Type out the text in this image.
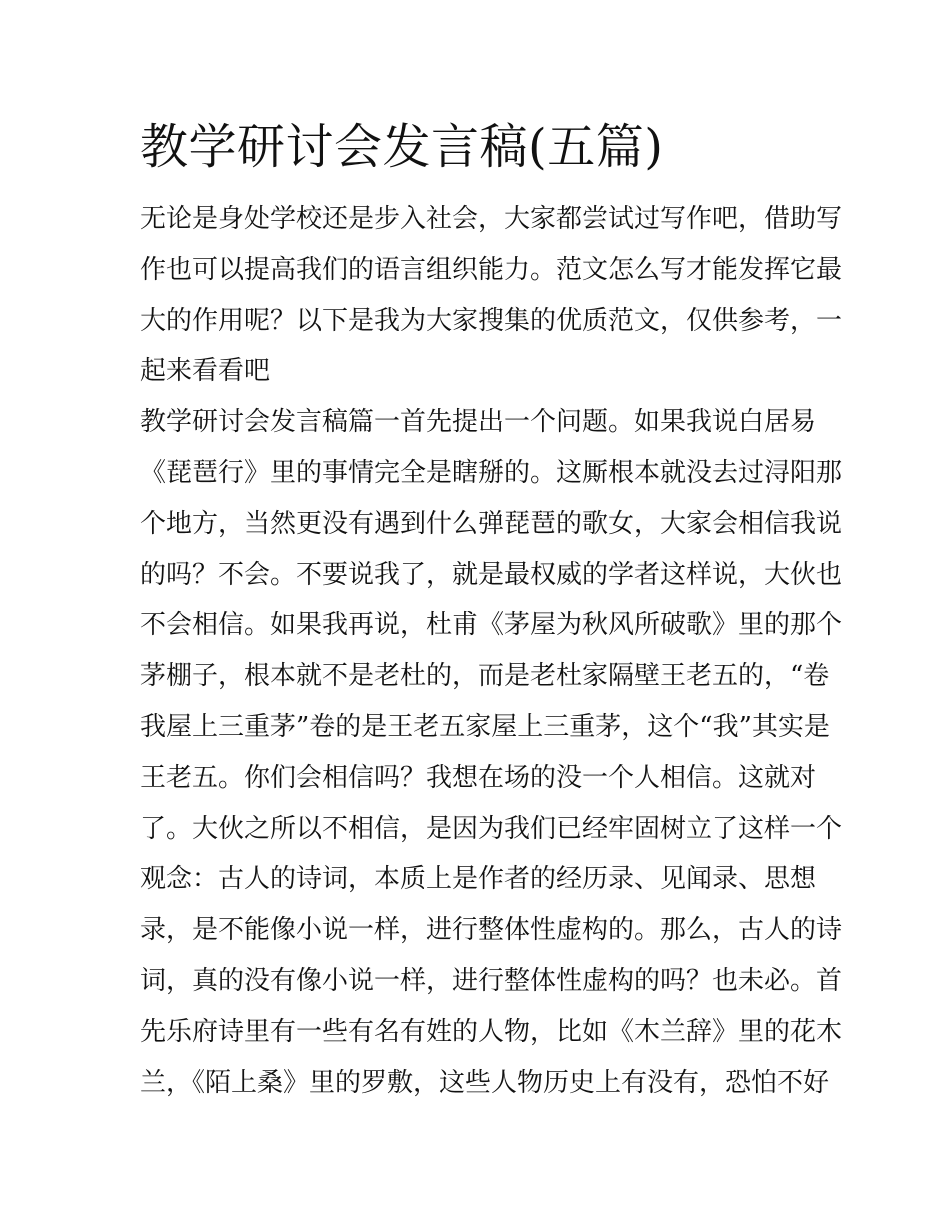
教学研讨会发言稿(五篇)
无论是身处学校还是步入社会，大家都尝试过写作吧，借助写
作也可以提高我们的语言组织能力。范文怎么写才能发挥它最
大的作用呢？以下是我为大家搜集的优质范文，仅供参考，一
起来看看吧
教学研讨会发言稿篇一首先提出一个问题。如果我说白居易
《琵琶行》里的事情完全是瞎掰的。这厮根本就没去过浔阳那
个地方，当然更没有遇到什么弹琵琶的歌女，大家会相信我说
的吗？不会。不要说我了，就是最权威的学者这样说，大伙也
不会相信。如果我再说，杜甫《茅屋为秋风所破歌》里的那个
茅棚子，根本就不是老杜的，而是老杜家隔壁王老五的，“卷
我屋上三重茅”卷的是王老五家屋上三重茅，这个“我”其实是
王老五。你们会相信吗？我想在场的没一个人相信。这就对
了。大伙之所以不相信，是因为我们已经牢固树立了这样一个
观念：古人的诗词，本质上是作者的经历录、见闻录、思想
录，是不能像小说一样，进行整体性虚构的。那么，古人的诗
词，真的没有像小说一样，进行整体性虚构的吗？也未必。首
先乐府诗里有一些有名有姓的人物，比如《木兰辞》里的花木
兰，《陌上桑》里的罗敷，这些人物历史上有没有，恐怕不好
